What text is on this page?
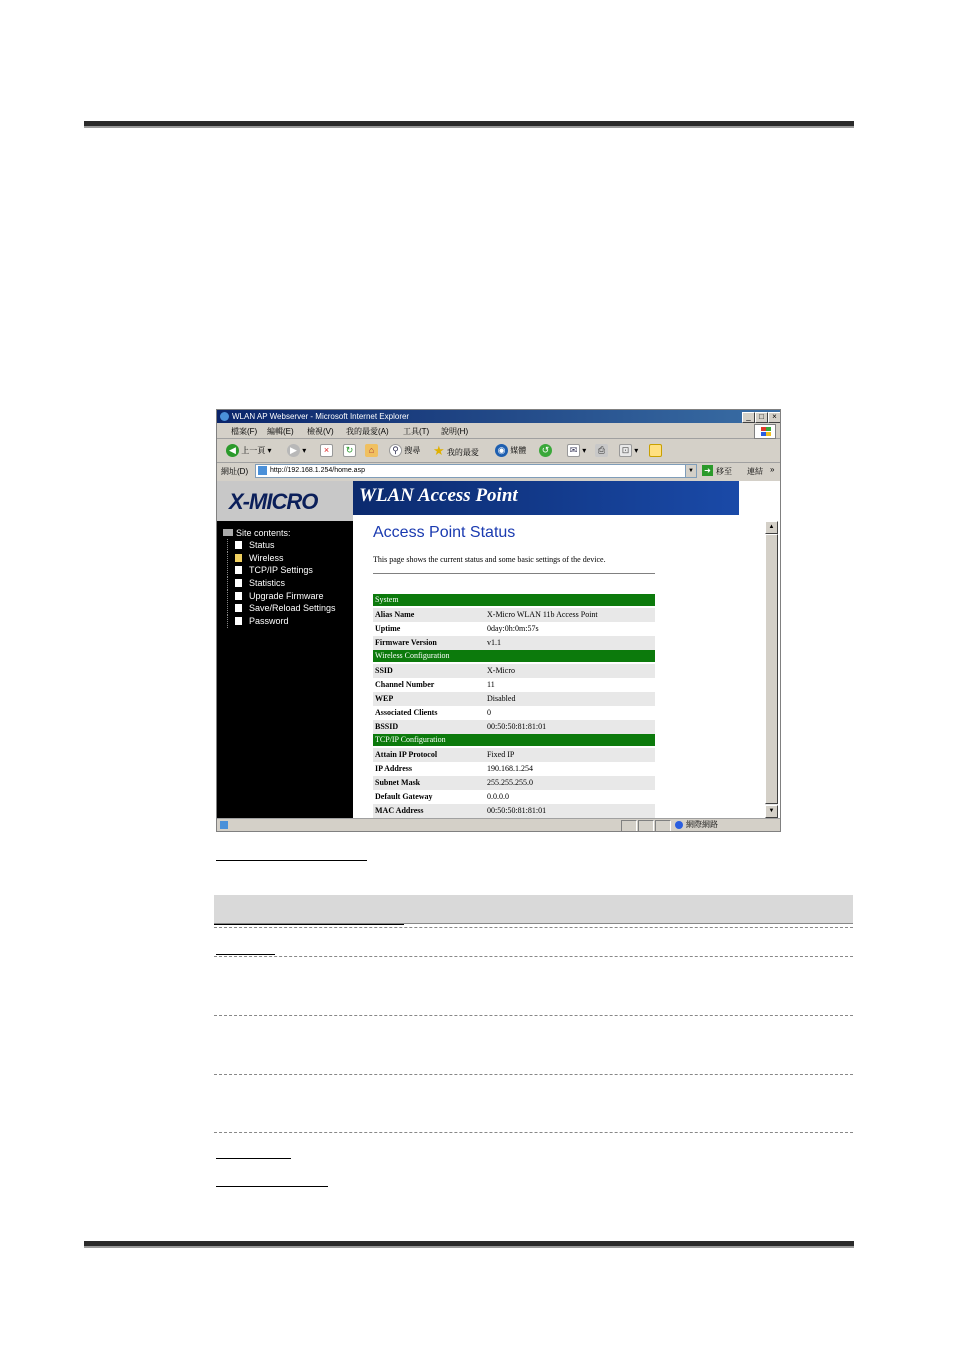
WLAN AP Webserver - Microsoft Internet Explorer	_	□	×
檔案(F) 編輯(E) 檢視(V) 我的最愛(A) 工具(T) 說明(H)
◀ 上一頁 ▾	▶ ▾	×	↻	⌂	⚲ 搜尋 ★ 我的最愛 ◉ 媒體	↺	✉ ▾	⎙	⊡ ▾
網址(D)	http://192.168.1.254/home.asp	▼ ➜ 移至 連結 »
X-MICRO
Site contents:
Status
Wireless
TCP/IP Settings
Statistics
Upgrade Firmware
Save/Reload Settings
Password
WLAN Access Point
Access Point Status
This page shows the current status and some basic settings of the device.
System
Alias Name	X-Micro WLAN 11b Access Point
Uptime	0day:0h:0m:57s
Firmware Version	v1.1
Wireless Configuration
SSID	X-Micro
Channel Number	11
WEP	Disabled
Associated Clients	0
BSSID	00:50:50:81:81:01
TCP/IP Configuration
Attain IP Protocol	Fixed IP
IP Address	190.168.1.254
Subnet Mask	255.255.255.0
Default Gateway	0.0.0.0
MAC Address	00:50:50:81:81:01
▲
▼
網際網路
